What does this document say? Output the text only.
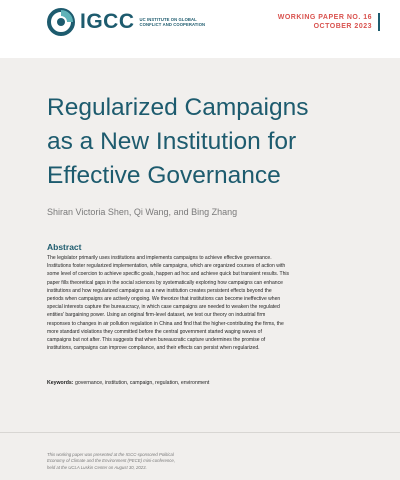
IGCC UC INSTITUTE ON GLOBAL
CONFLICT AND COOPERATION
WORKING PAPER NO. 16
OCTOBER 2023
Regularized Campaigns
as a New Institution for
Effective Governance
Shiran Victoria Shen, Qi Wang, and Bing Zhang
Abstract
The legislator primarily uses institutions and implements campaigns to achieve effective governance.
Institutions foster regularized implementation, while campaigns, which are organized courses of action with
some level of coercion to achieve specific goals, happen ad hoc and achieve quick but transient results. This
paper fills theoretical gaps in the social sciences by systematically exploring how campaigns can enhance
institutions and how regularized campaigns as a new institution creates persistent effects beyond the
periods when campaigns are actively ongoing. We theorize that institutions can become ineffective when
special interests capture the bureaucracy, in which case campaigns are needed to weaken the regulated
entities' bargaining power. Using an original firm-level dataset, we test our theory on industrial firm
responses to changes in air pollution regulation in China and find that the higher-contributing the firms, the
more standard violations they committed before the central government started waging waves of
campaigns but not after. This suggests that when bureaucratic capture undermines the promise of
institutions, campaigns can improve compliance, and their effects can persist when regularized.
Keywords: governance, institution, campaign, regulation, environment
This working paper was presented at the IGCC-sponsored Political
Economy of Climate and the Environment (PECE) mini-conference,
held at the UCLA Luskin Center on August 30, 2023.
